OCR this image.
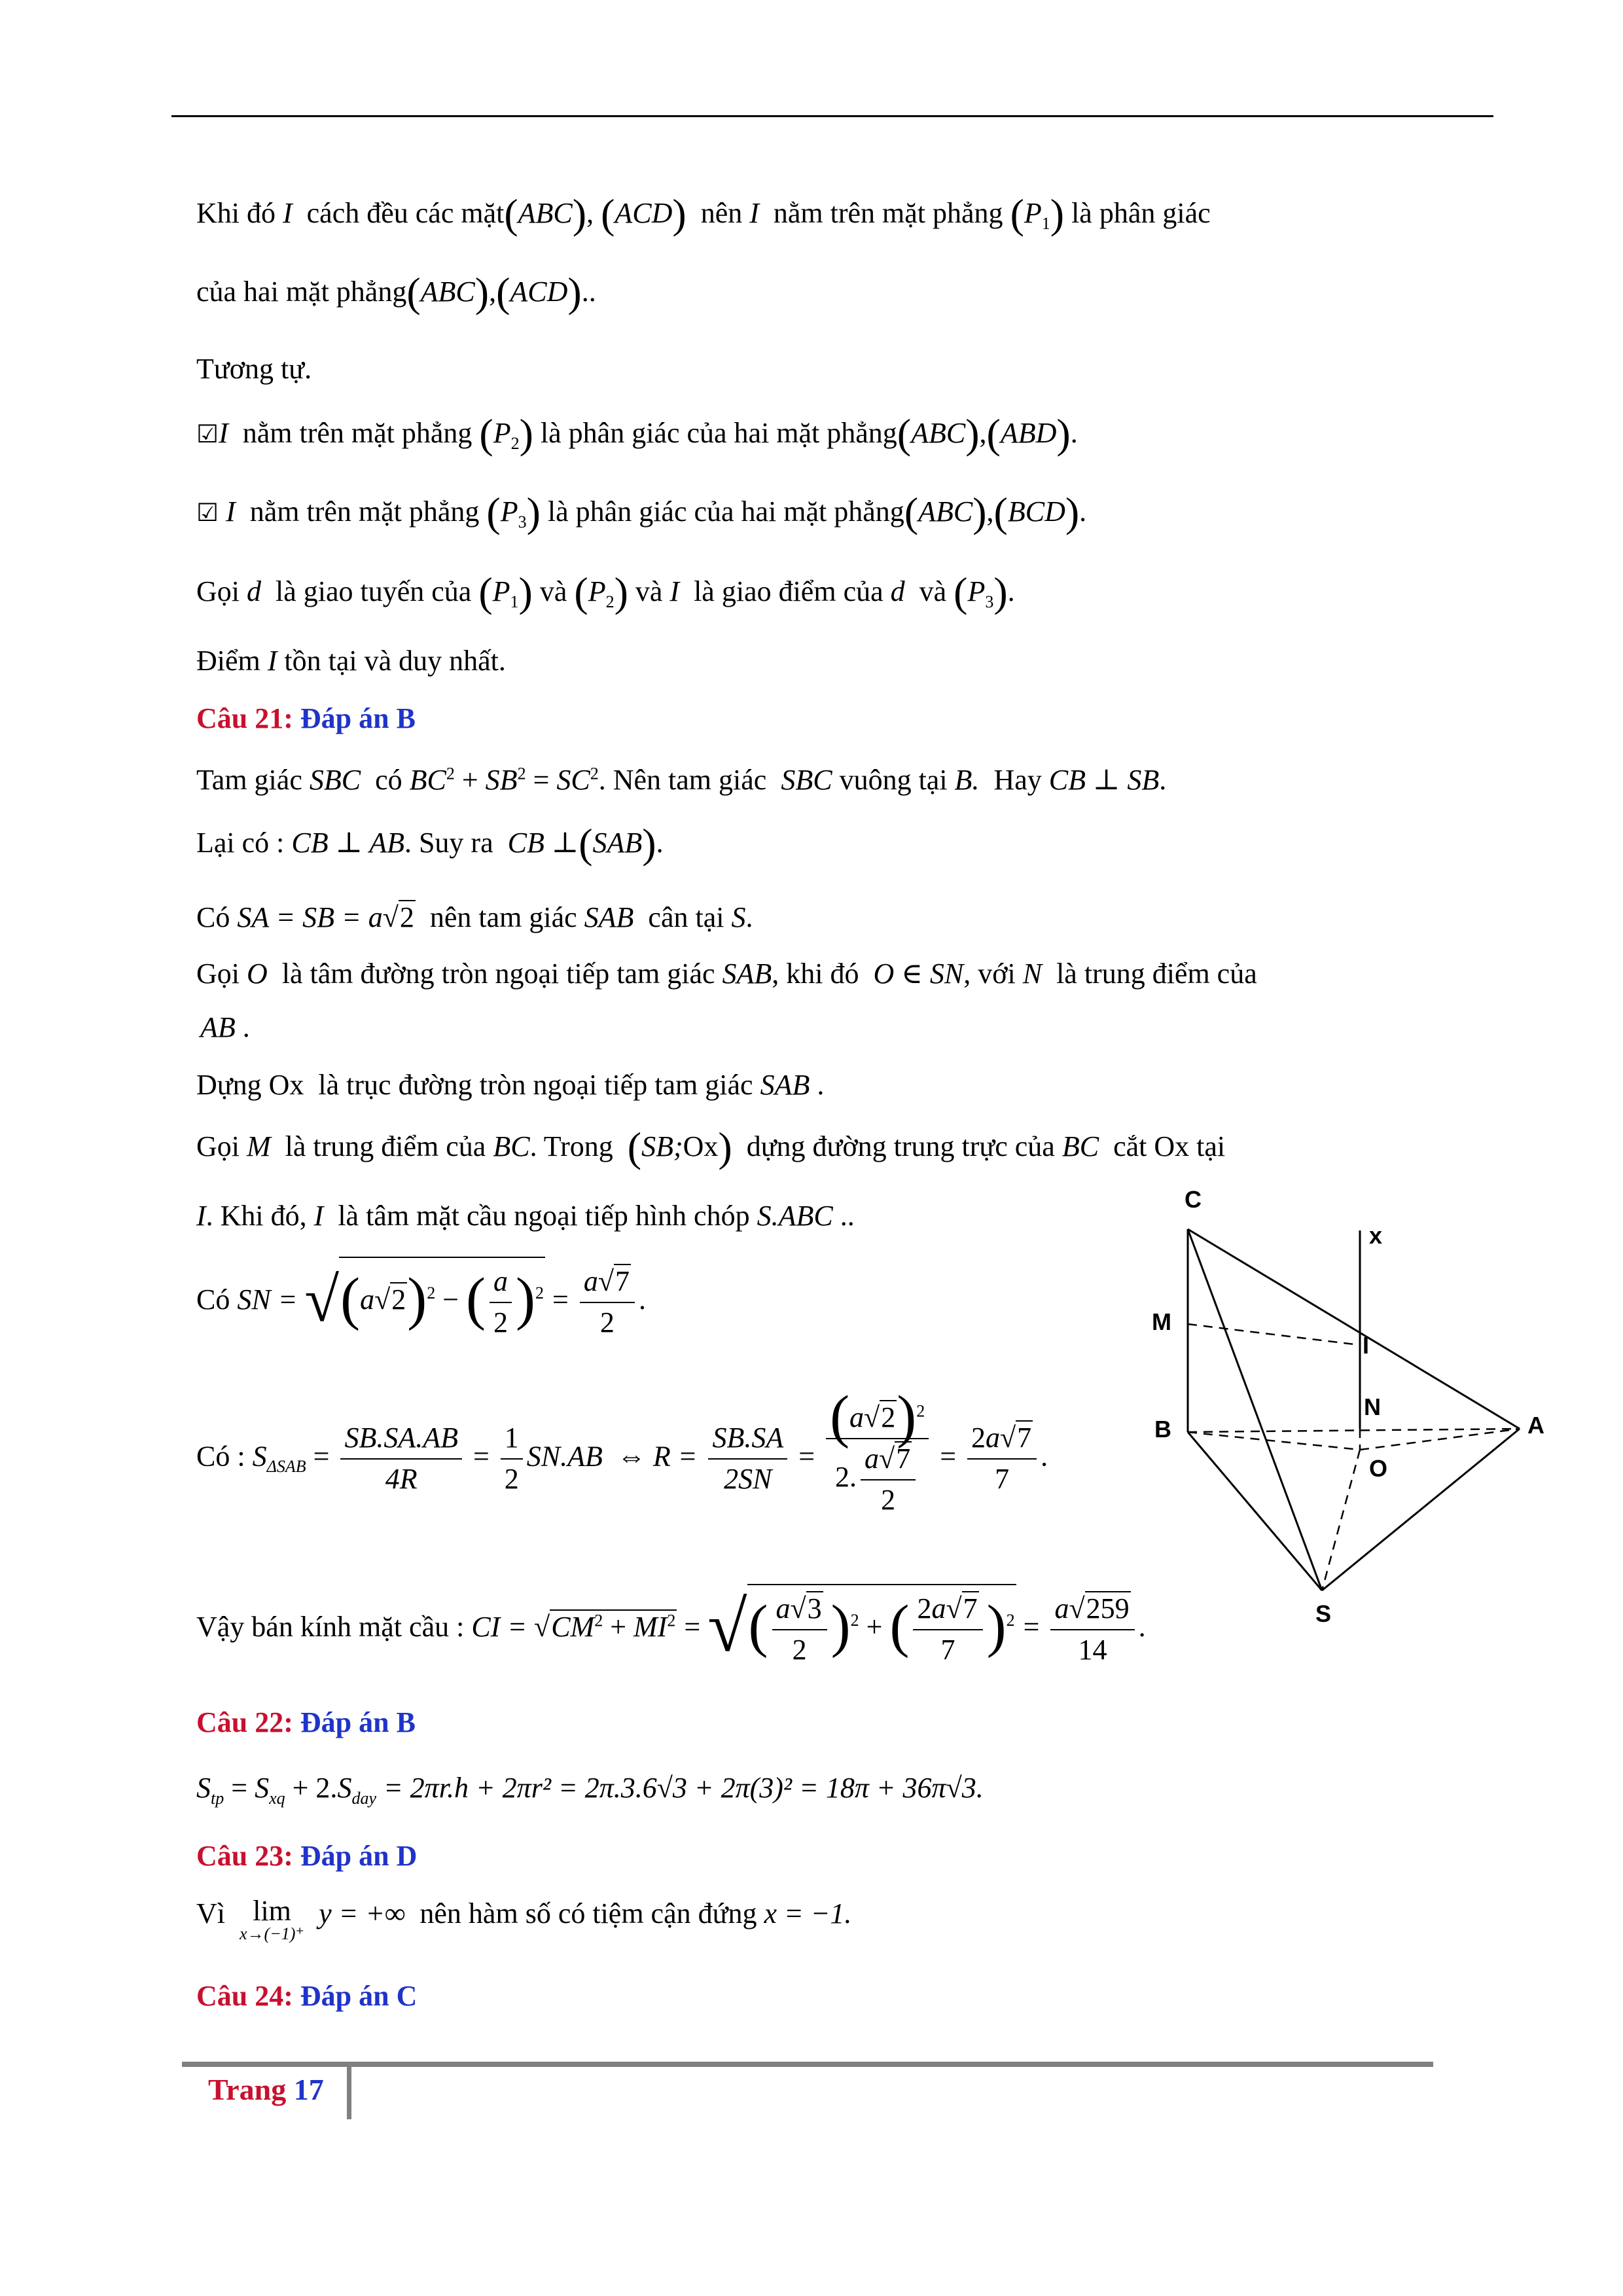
Khi đó I cách đều các mặt(ABC), (ACD) nên I nằm trên mặt phẳng $(P_1)$ là phân giác
của hai mặt phẳng(ABC),(ACD)..
Tương tự.
☑I nằm trên mặt phẳng $(P_2)$ là phân giác của hai mặt phẳng(ABC),(ABD).
☑ I nằm trên mặt phẳng $(P_3)$ là phân giác của hai mặt phẳng(ABC),(BCD).
Gọi d là giao tuyến của $(P_1)$ và $(P_2)$ và I là giao điểm của d và $(P_3)$.
Điểm I tồn tại và duy nhất.
Câu 21: Đáp án B
Tam giác SBC có $BC^2 + SB^2 = SC^2$. Nên tam giác SBC vuông tại B. Hay CB ⊥ SB.
Lại có : CB ⊥ AB. Suy ra CB ⊥(SAB).
Có SA = SB = a√2 nên tam giác SAB cân tại S.
Gọi O là tâm đường tròn ngoại tiếp tam giác SAB, khi đó O ∈ SN, với N là trung điểm của
AB .
Dựng Ox là trục đường tròn ngoại tiếp tam giác SAB .
Gọi M là trung điểm của BC. Trong (SB;Ox) dựng đường trung trực của BC cắt Ox tại
I. Khi đó, I là tâm mặt cầu ngoại tiếp hình chóp S.ABC ..
Có SN = $√(a√2)^2$ − ( $\frac{a}{2} )^2 = \frac{a√7}{2}$ .
Có : $S_{\Delta SAB} = \frac{SB.SA.AB}{4R} = \frac{1}{2} SN.AB$ ⇔ $R = \frac{SB.SA}{2SN} = \frac{(a√2)^2}{2. \frac{a√7}{2}} = \frac{2a√7}{7}$ .
Vậy bán kính mặt cầu : CI = $√CM^2 + MI^2$ = √( $\frac{a√3}{2} )^2$ + ( $\frac{2a√7}{7} )^2 = \frac{a√259}{14}$ .
Câu 22: Đáp án B
$S_{tp} = S_{xq} + 2.S_{day} = 2\pi r.h + 2\pi r^2 = 2\pi.3.6√3 + 2\pi(3)^2 = 18\pi + 36\pi√3$.
Câu 23: Đáp án D
Vì lim
x→(−1)⁺
y = +∞ nên hàm số có tiệm cận đứng x = −1.
Câu 24: Đáp án C
C
x
M
I
N
B	A
O
S
Trang 17
